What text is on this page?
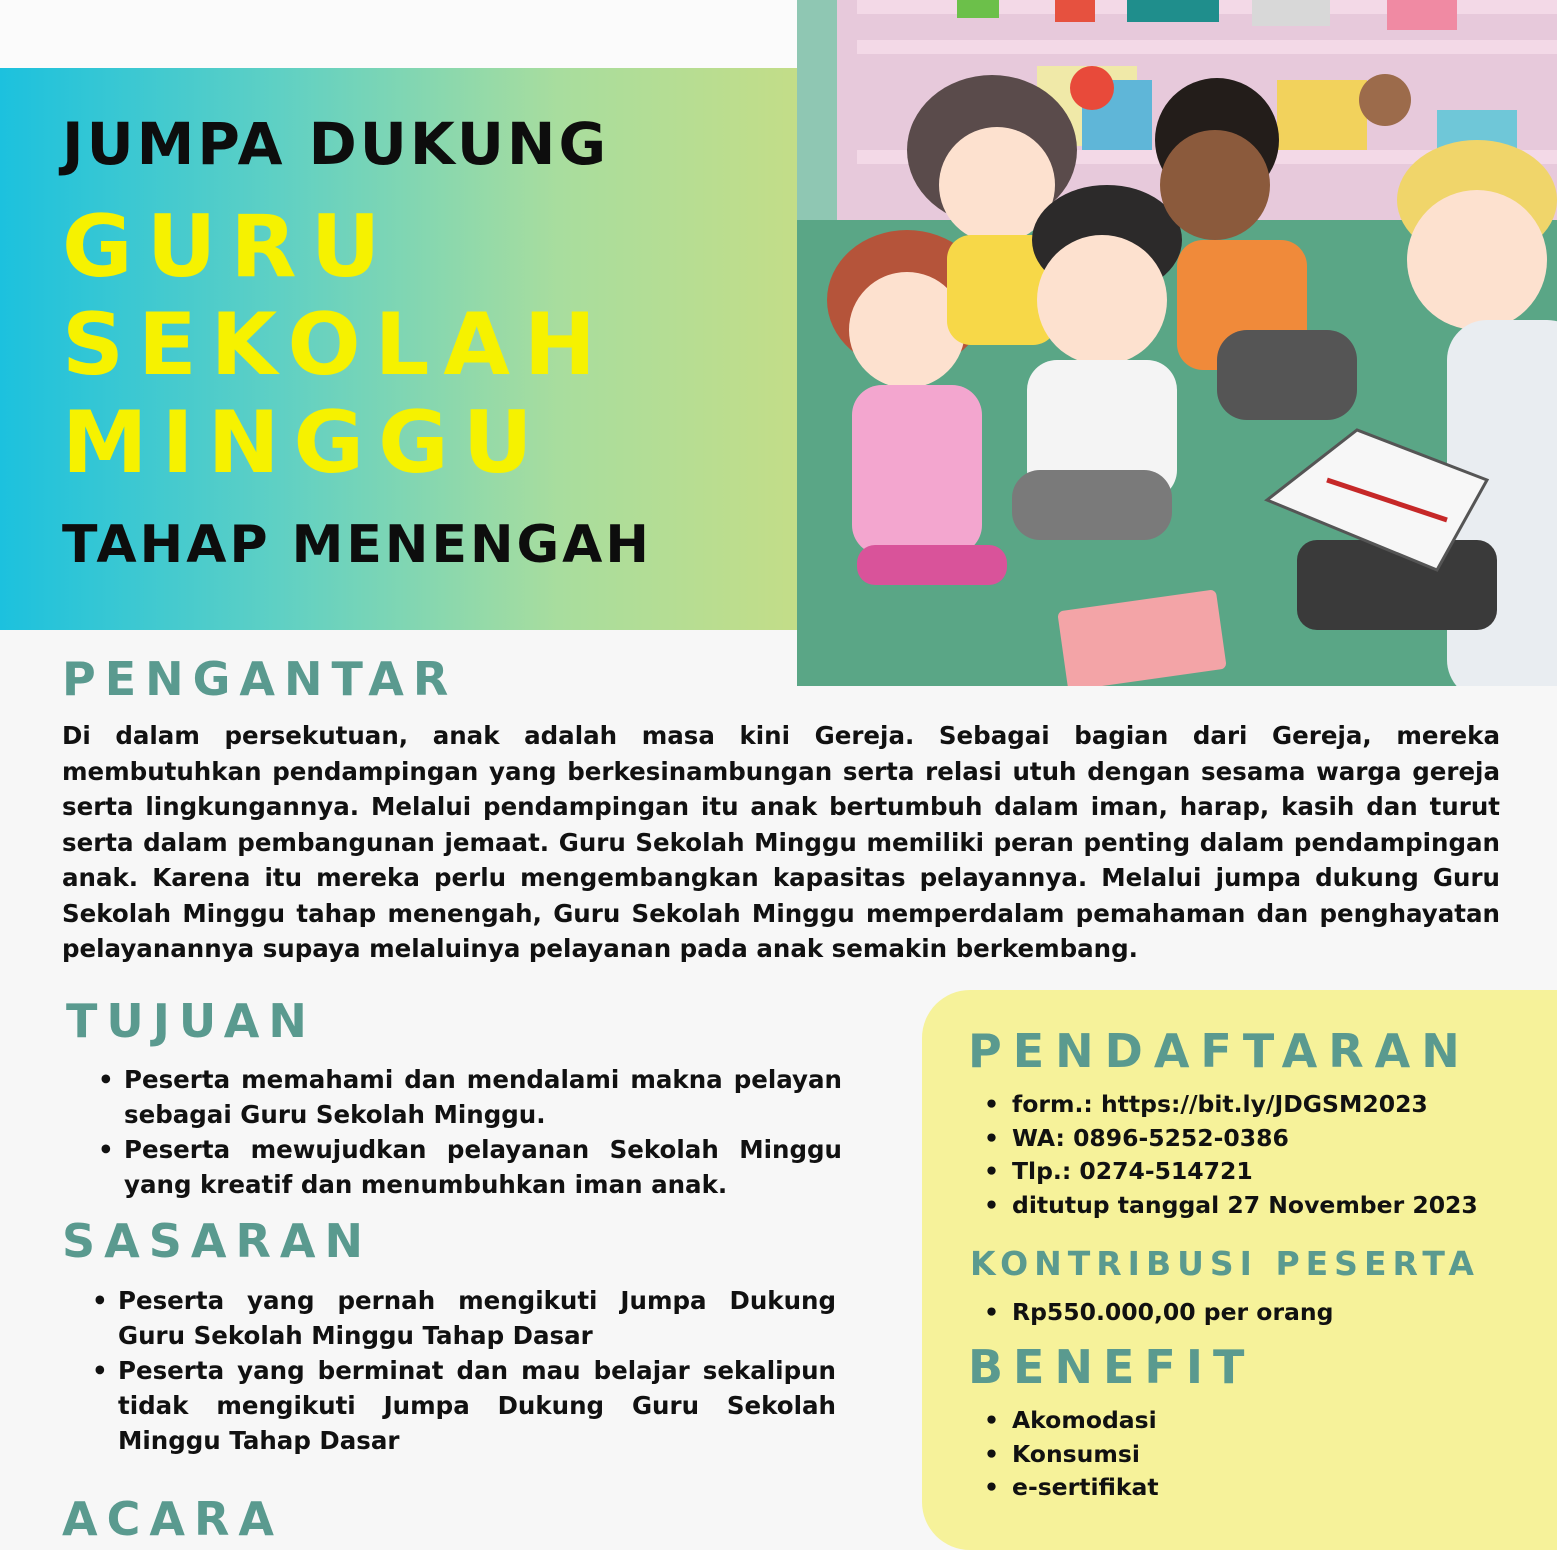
JUMPA DUKUNG
GURU
SEKOLAH
MINGGU
TAHAP MENENGAH
PENGANTAR

Di dalam persekutuan, anak adalah masa kini Gereja. Sebagai bagian dari Gereja, mereka membutuhkan pendampingan yang berkesinambungan serta relasi utuh dengan sesama warga gereja serta lingkungannya. Melalui pendampingan itu anak bertumbuh dalam iman, harap, kasih dan turut serta dalam pembangunan jemaat. Guru Sekolah Minggu memiliki peran penting dalam pendampingan anak. Karena itu mereka perlu mengembangkan kapasitas pelayannya. Melalui jumpa dukung Guru Sekolah Minggu tahap menengah, Guru Sekolah Minggu memperdalam pemahaman dan penghayatan pelayanannya supaya melaluinya pelayanan pada anak semakin berkembang.

TUJUAN
• Peserta memahami dan mendalami makna pelayan sebagai Guru Sekolah Minggu.
• Peserta mewujudkan pelayanan Sekolah Minggu yang kreatif dan menumbuhkan iman anak.
SASARAN
• Peserta yang pernah mengikuti Jumpa Dukung Guru Sekolah Minggu Tahap Dasar
• Peserta yang berminat dan mau belajar sekalipun tidak mengikuti Jumpa Dukung Guru Sekolah Minggu Tahap Dasar
ACARA
PENDAFTARAN
• form.: https://bit.ly/JDGSM2023
• WA: 0896-5252-0386
• Tlp.: 0274-514721
• ditutup tanggal 27 November 2023
KONTRIBUSI PESERTA
• Rp550.000,00 per orang
BENEFIT
• Akomodasi
• Konsumsi
• e-sertifikat
